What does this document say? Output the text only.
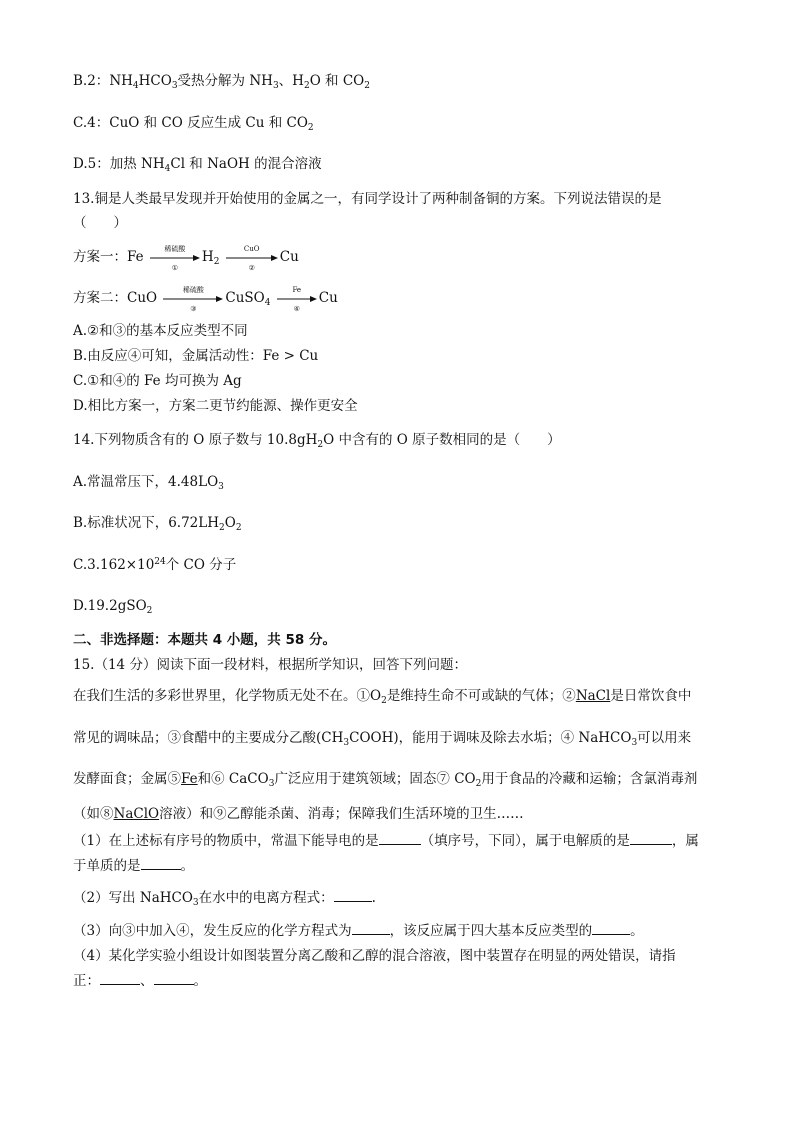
B.2：$NH_4HCO_3$受热分解为 $NH_3$、$H_2O$ 和 $CO_2$
C.4：CuO 和 CO 反应生成 Cu 和 $CO_2$
D.5：加热 $NH_4Cl$ 和 NaOH 的混合溶液
13.铜是人类最早发现并开始使用的金属之一，有同学设计了两种制备铜的方案。下列说法错误的是
（　　）
方案一：Fe
稀硫酸
①
$H_2$
CuO
②
Cu
方案二：CuO
稀硫酸
③
CuSO$_4$
Fe
④
Cu
A.②和③的基本反应类型不同
B.由反应④可知，金属活动性：Fe > Cu
C.①和④的 Fe 均可换为 Ag
D.相比方案一，方案二更节约能源、操作更安全
14.下列物质含有的 O 原子数与 $10.8gH_2O$ 中含有的 O 原子数相同的是（　　）
A.常温常压下，$4.48LO_3$
B.标准状况下，$6.72LH_2O_2$
$C.3.162\times 10^{24}$个 CO 分子
D.19.2gSO$_2$
二、非选择题：本题共 4 小题，共 58 分。
15.（14 分）阅读下面一段材料，根据所学知识，回答下列问题：
在我们生活的多彩世界里，化学物质无处不在。$①O_2$是维持生命不可或缺的气体；②NaCl是日常饮食中
常见的调味品；③食醋中的主要成分乙酸$(CH_3COOH)$，能用于调味及除去水垢；④ NaHCO$_3$可以用来
发酵面食；金属⑤Fe和⑥ CaCO$_3$广泛应用于建筑领域；固态⑦ $CO_2$用于食品的冷藏和运输；含氯消毒剂
（如⑧NaClO溶液）和⑨乙醇能杀菌、消毒；保障我们生活环境的卫生……
（1）在上述标有序号的物质中，常温下能导电的是	（填序号，下同），属于电解质的是	，属
于单质的是	。
（2）写出 NaHCO$_3$在水中的电离方程式：	.
（3）向③中加入④，发生反应的化学方程式为	，该反应属于四大基本反应类型的	。
（4）某化学实验小组设计如图装置分离乙酸和乙醇的混合溶液，图中装置存在明显的两处错误，请指
正：	、	。
